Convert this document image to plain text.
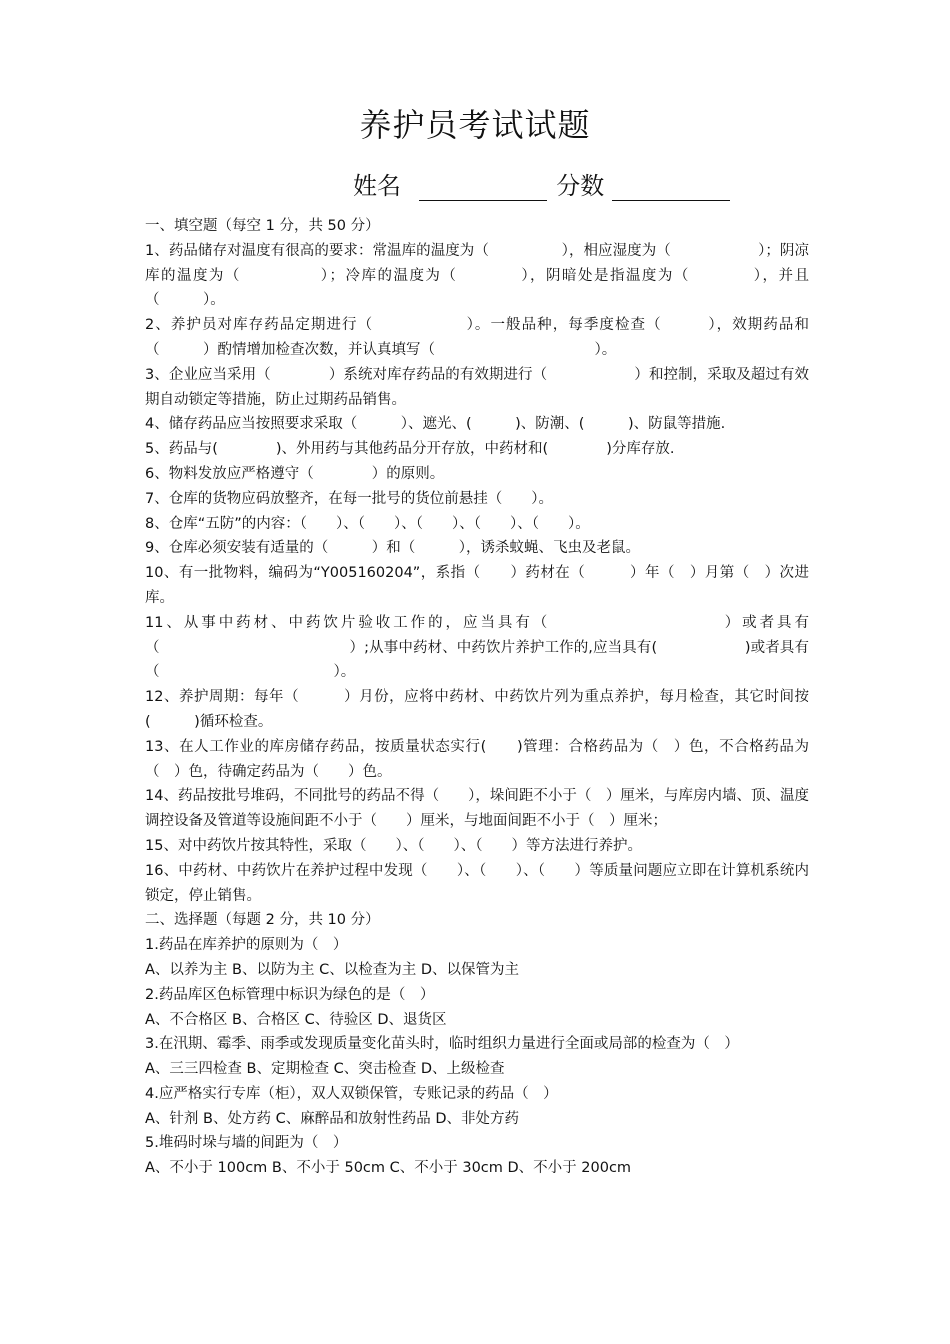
养护员考试试题
姓名	分数

一、填空题（每空 1 分，共 50 分）

1、药品储存对温度有很高的要求：常温库的温度为（　　　　　），相应湿度为（　　　　　　）；阴凉库的温度为（　　　　　）；冷库的温度为（　　　　），阴暗处是指温度为（　　　　），并且（　　　）。

2、养护员对库存药品定期进行（　　　　　　）。一般品种，每季度检查（　　　），效期药品和（　　　）酌情增加检查次数，并认真填写（　　　　　　　　　　　）。

3、企业应当采用（　　　　）系统对库存药品的有效期进行（　　　　　　）和控制，采取及超过有效期自动锁定等措施，防止过期药品销售。

4、储存药品应当按照要求采取（　　　）、遮光、(　　　)、防潮、(　　　)、防鼠等措施.

5、药品与(　　　　)、外用药与其他药品分开存放，中药材和(　　　　)分库存放.

6、物料发放应严格遵守（　　　　）的原则。

7、仓库的货物应码放整齐，在每一批号的货位前悬挂（　　）。

8、仓库“五防”的内容：（　　）、（　　）、（　　）、（　　）、（　　）。

9、仓库必须安装有适量的（　　　）和（　　　），诱杀蚊蝇、飞虫及老鼠。

10、有一批物料，编码为“Y005160204”，系指（　　）药材在（　　　）年（　）月第（　）次进库。

11、从事中药材、中药饮片验收工作的，应当具有（　　　　　　　　　　）或者具有（　　　　　　　　　　　　　）;从事中药材、中药饮片养护工作的,应当具有(　　　　　　)或者具有（　　　　　　　　　　　　）。

12、养护周期：每年（　　　）月份，应将中药材、中药饮片列为重点养护，每月检查，其它时间按(　　　)循环检查。

13、在人工作业的库房储存药品，按质量状态实行(　　)管理：合格药品为（　）色，不合格药品为（　）色，待确定药品为（　　）色。

14、药品按批号堆码，不同批号的药品不得（　　），垛间距不小于（　）厘米，与库房内墙、顶、温度调控设备及管道等设施间距不小于（　　）厘米，与地面间距不小于（　）厘米；

15、对中药饮片按其特性，采取（　　）、（　　）、（　　）等方法进行养护。

16、中药材、中药饮片在养护过程中发现（　　）、（　　）、（　　）等质量问题应立即在计算机系统内锁定，停止销售。

二、选择题（每题 2 分，共 10 分）

1.药品在库养护的原则为（　）

A、以养为主 B、以防为主 C、以检查为主 D、以保管为主

2.药品库区色标管理中标识为绿色的是（　）

A、不合格区 B、合格区 C、待验区 D、退货区

3.在汛期、霉季、雨季或发现质量变化苗头时，临时组织力量进行全面或局部的检查为（　）

A、三三四检查 B、定期检查 C、突击检查 D、上级检查

4.应严格实行专库（柜），双人双锁保管，专账记录的药品（　）

A、针剂 B、处方药 C、麻醉品和放射性药品 D、非处方药

5.堆码时垛与墙的间距为（　）

A、不小于 100cm B、不小于 50cm C、不小于 30cm D、不小于 200cm
